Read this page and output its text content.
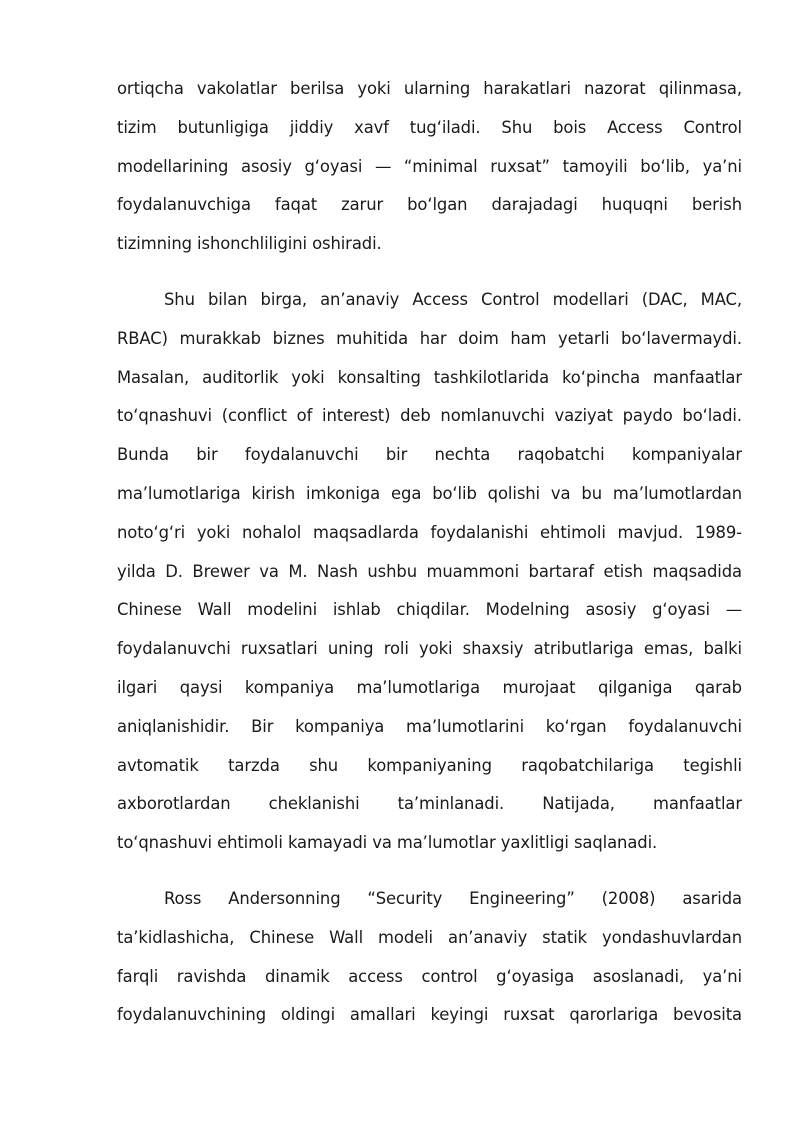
ortiqcha vakolatlar berilsa yoki ularning harakatlari nazorat qilinmasa,
tizim butunligiga jiddiy xavf tug‘iladi. Shu bois Access Control
modellarining asosiy g‘oyasi — “minimal ruxsat” tamoyili bo‘lib, ya’ni
foydalanuvchiga faqat zarur bo‘lgan darajadagi huquqni berish
tizimning ishonchliligini oshiradi.
Shu bilan birga, an’anaviy Access Control modellari (DAC, MAC,
RBAC) murakkab biznes muhitida har doim ham yetarli bo‘lavermaydi.
Masalan, auditorlik yoki konsalting tashkilotlarida ko‘pincha manfaatlar
to‘qnashuvi (conflict of interest) deb nomlanuvchi vaziyat paydo bo‘ladi.
Bunda bir foydalanuvchi bir nechta raqobatchi kompaniyalar
ma’lumotlariga kirish imkoniga ega bo‘lib qolishi va bu ma’lumotlardan
noto‘g‘ri yoki nohalol maqsadlarda foydalanishi ehtimoli mavjud. 1989-
yilda D. Brewer va M. Nash ushbu muammoni bartaraf etish maqsadida
Chinese Wall modelini ishlab chiqdilar. Modelning asosiy g‘oyasi —
foydalanuvchi ruxsatlari uning roli yoki shaxsiy atributlariga emas, balki
ilgari qaysi kompaniya ma’lumotlariga murojaat qilganiga qarab
aniqlanishidir. Bir kompaniya ma’lumotlarini ko‘rgan foydalanuvchi
avtomatik tarzda shu kompaniyaning raqobatchilariga tegishli
axborotlardan cheklanishi ta’minlanadi. Natijada, manfaatlar
to‘qnashuvi ehtimoli kamayadi va ma’lumotlar yaxlitligi saqlanadi.
Ross Andersonning “Security Engineering” (2008) asarida
ta’kidlashicha, Chinese Wall modeli an’anaviy statik yondashuvlardan
farqli ravishda dinamik access control g‘oyasiga asoslanadi, ya’ni
foydalanuvchining oldingi amallari keyingi ruxsat qarorlariga bevosita
